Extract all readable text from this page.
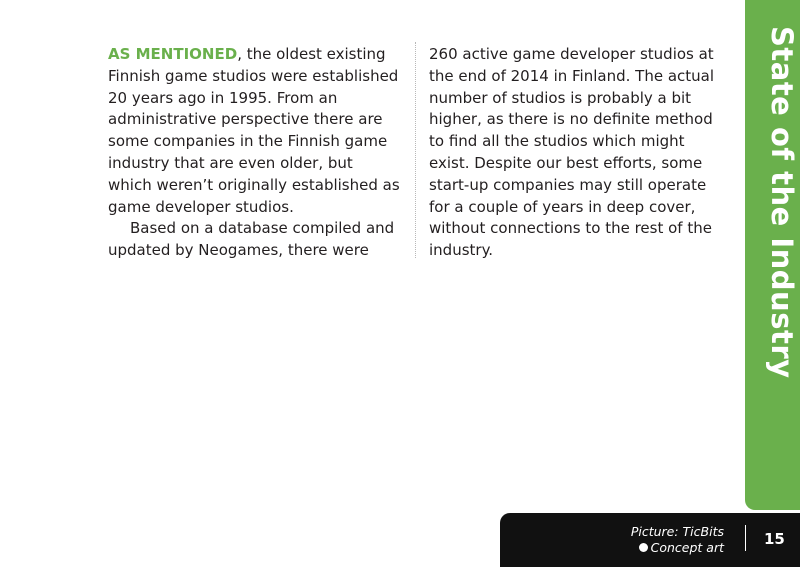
AS MENTIONED, the oldest existing Finnish game studios were established 20 years ago in 1995. From an administrative perspective there are some companies in the Finnish game industry that are even older, but which weren’t originally established as game developer studios.

Based on a database compiled and updated by Neogames, there were

260 active game developer studios at the end of 2014 in Finland. The actual number of studios is probably a bit higher, as there is no definite method to find all the studios which might exist. Despite our best efforts, some start-up companies may still operate for a couple of years in deep cover, without connections to the rest of the industry.	State of the Industry
Picture: TicBits
Concept art	15
